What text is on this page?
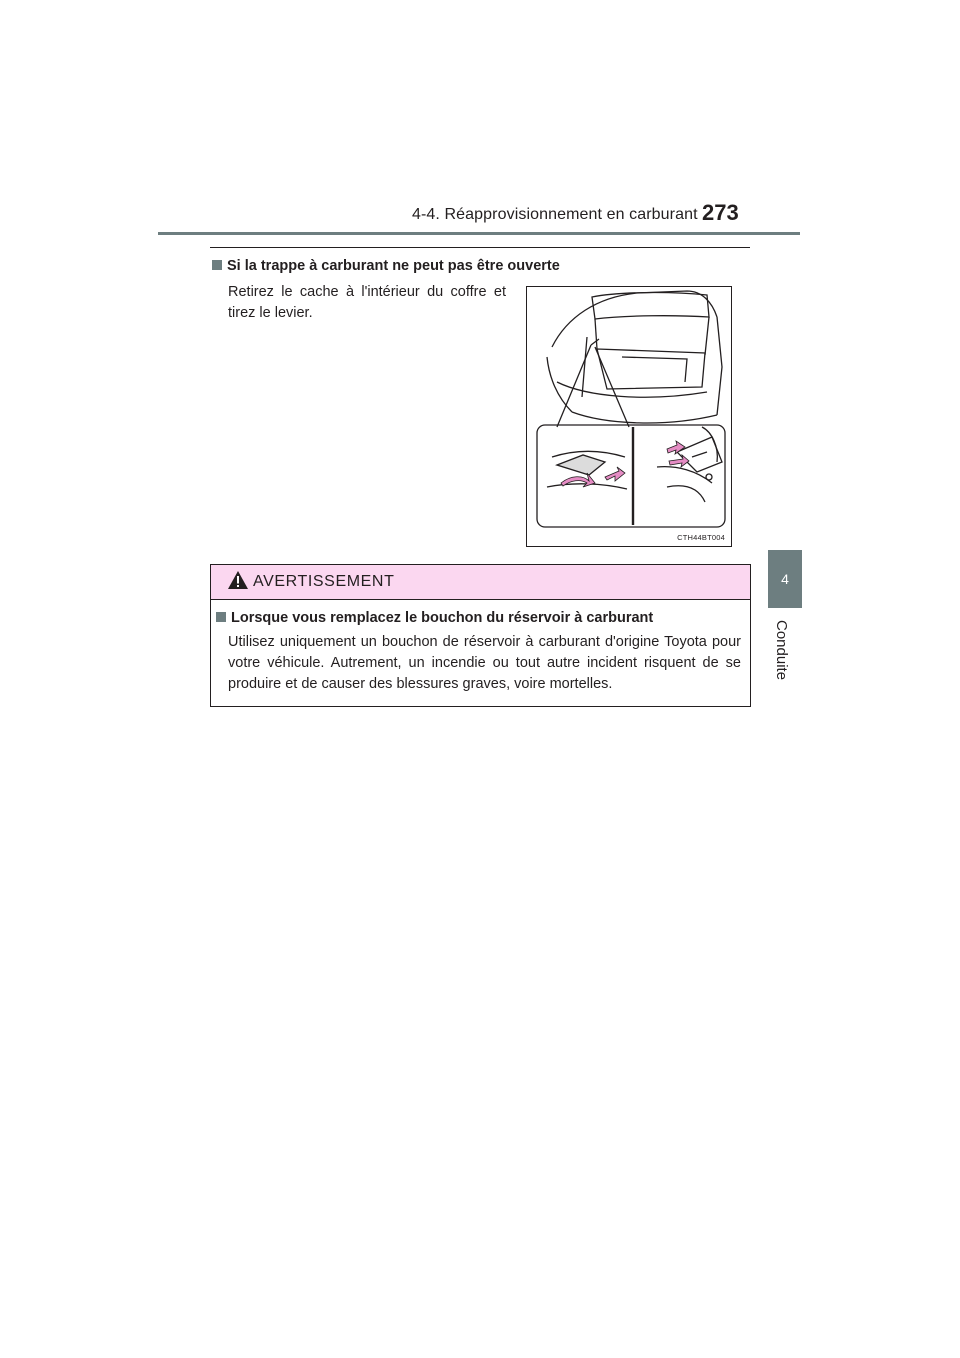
4-4. Réapprovisionnement en carburant 273
4
Conduite
Si la trappe à carburant ne peut pas être ouverte
Retirez le cache à l'intérieur du coffre et tirez le levier.
CTH44BT004
AVERTISSEMENT
Lorsque vous remplacez le bouchon du réservoir à carburant
Utilisez uniquement un bouchon de réservoir à carburant d'origine Toyota pour votre véhicule. Autrement, un incendie ou tout autre incident risquent de se produire et de causer des blessures graves, voire mortelles.
